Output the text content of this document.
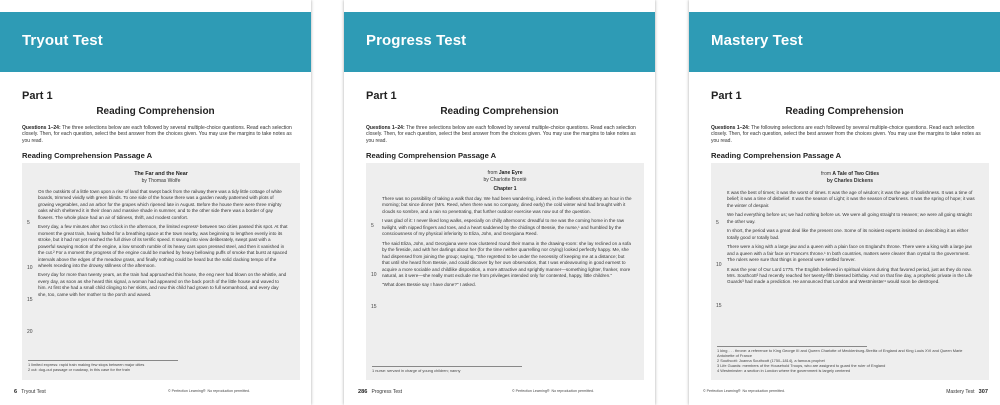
Tryout Test
Part 1
Reading Comprehension
Questions 1–24: The three selections below are each followed by several multiple-choice questions. Read each selection closely. Then, for each question, select the best answer from the choices given. You may use the margins to take notes as you read.
Reading Comprehension Passage A
The Far and the Near
by Thomas Wolfe
5
10
15
20

On the outskirts of a little town upon a rise of land that swept back from the railway there was a tidy little cottage of white boards, trimmed vividly with green blinds. To one side of the house there was a garden neatly patterned with plots of growing vegetables, and an arbor for the grapes which ripened late in August. Before the house there were three mighty oaks which sheltered it in their clean and massive shade in summer, and to the other side there was a border of gay flowers. The whole place had an air of tidiness, thrift, and modest comfort.

Every day, a few minutes after two o'clock in the afternoon, the limited express¹ between two cities passed this spot. At that moment the great train, having halted for a breathing space at the town nearby, was beginning to lengthen evenly into its stroke, but it had not yet reached the full drive of its terrific speed. It swung into view deliberately, swept past with a powerful swaying motion of the engine, a low smooth rumble of its heavy cars upon pressed steel, and then it vanished in the cut.² For a moment the progress of the engine could be marked by heavy bellowing puffs of smoke that burst at spaced intervals above the edges of the meadow grass, and finally nothing could be heard but the solid clacking tempo of the wheels receding into the drowsy stillness of the afternoon.

Every day for more than twenty years, as the train had approached this house, the eng neer had blown on the whistle, and every day, as soon as she heard this signal, a woman had appeared on the back porch of the little house and waved to him. At first she had a small child clinging to her skirts, and now this child had grown to full womanhood, and every day she, too, came with her mother to the porch and waved.

1 limited express: rapid train making few stops between major cities
2 cut: dug-out passage or roadway, in this case for the train
6 Tryout Test	© Perfection Learning® No reproduction permitted.
Progress Test
Part 1
Reading Comprehension
Questions 1–24: The three selections below are each followed by several multiple-choice questions. Read each selection closely. Then, for each question, select the best answer from the choices given. You may use the margins to take notes as you read.
Reading Comprehension Passage A
from Jane Eyre
by Charlotte Brontë
Chapter 1
5
10
15

There was no possibility of taking a walk that day. We had been wandering, indeed, in the leafless shrubbery an hour in the morning; but since dinner (Mrs. Reed, when there was no company, dined early) the cold winter wind had brought with it clouds so sombre, and a rain so penetrating, that further outdoor exercise was now out of the question.

I was glad of it: I never liked long walks, especially on chilly afternoons: dreadful to me was the coming home in the raw twilight, with nipped fingers and toes, and a heart saddened by the chidings of Bessie, the nurse,¹ and humbled by the consciousness of my physical inferiority to Eliza, John, and Georgiana Reed.

The said Eliza, John, and Georgiana were now clustered round their mama in the drawing-room: she lay reclined on a sofa by the fireside, and with her darlings about her (for the time neither quarrelling nor crying) looked perfectly happy. Me, she had dispensed from joining the group; saying, "She regretted to be under the necessity of keeping me at a distance; but that until she heard from Bessie, and could discover by her own observation, that I was endeavouring in good earnest to acquire a more sociable and childlike disposition, a more attractive and sprightly manner—something lighter, franker, more natural, as it were—she really must exclude me from privileges intended only for contented, happy, little children."

"What does Bessie say I have done?" I asked.

1 nurse: servant in charge of young children; nanny
286 Progress Test	© Perfection Learning® No reproduction permitted.
Mastery Test
Part 1
Reading Comprehension
Questions 1–24: The following selections are each followed by several multiple-choice questions. Read each selection closely. Then, for each question, select the best answer from the choices given. You may use the margins to take notes as you read.
Reading Comprehension Passage A
from A Tale of Two Cities
by Charles Dickens
5
10
15

It was the best of times; it was the worst of times. It was the age of wisdom; it was the age of foolishness. It was a time of belief; it was a time of disbelief. It was the season of Light; it was the season of Darkness. It was the spring of hope; it was the winter of despair.

We had everything before us; we had nothing before us. We were all going straight to Heaven; we were all going straight the other way.

In short, the period was a great deal like the present one. Some of its noisiest experts insisted on describing it as either totally good or totally bad.

There were a king with a large jaw and a queen with a plain face on England's throne. There were a king with a large jaw and a queen with a fair face on France's throne.¹ In both countries, matters were clearer than crystal to the government. The rulers were sure that things in general were settled forever.

It was the year of Our Lord 1775. The English believed in spiritual visions during that favored period, just as they do now. Mrs. Southcott² had recently reached her twenty-fifth blessed birthday. And on that fine day, a prophetic private in the Life Guards³ had made a prediction. He announced that London and Westminster⁴ would soon be destroyed.

1 king . . . throne: a reference to King George III and Queen Charlotte of Mecklenburg-Strelitz of England and King Louis XVI and Queen Marie Antoinette of France
2 Southcott: Joanna Southcott (1750–1814), a famous prophet
3 Life Guards: members of the Household Troops, who are assigned to guard the ruler of England
4 Westminster: a section in London where the government is largely centered
© Perfection Learning® No reproduction permitted.	Mastery Test 307
